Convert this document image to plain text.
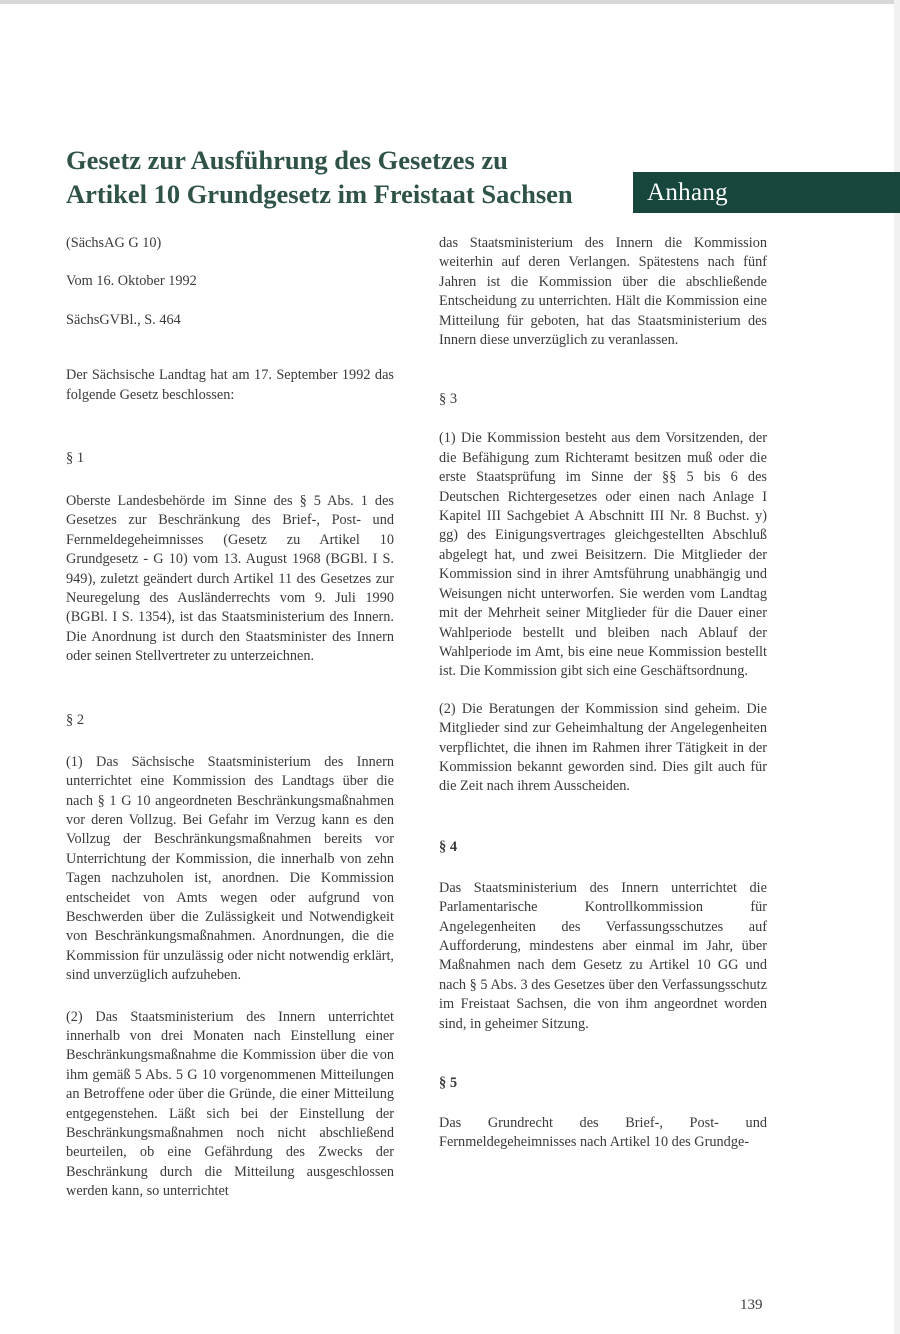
Gesetz zur Ausführung des Gesetzes zu
Artikel 10 Grundgesetz im Freistaat Sachsen	Anhang

(SächsAG G 10)

Vom 16. Oktober 1992

SächsGVBl., S. 464

Der Sächsische Landtag hat am 17. September 1992 das folgende Gesetz beschlossen:

§ 1

Oberste Landesbehörde im Sinne des § 5 Abs. 1 des Gesetzes zur Beschränkung des Brief-, Post- und Fernmeldegeheimnisses (Gesetz zu Artikel 10 Grundgesetz - G 10) vom 13. August 1968 (BGBl. I S. 949), zuletzt geändert durch Artikel 11 des Gesetzes zur Neuregelung des Ausländerrechts vom 9. Juli 1990 (BGBl. I S. 1354), ist das Staatsministerium des Innern. Die Anordnung ist durch den Staatsminister des Innern oder seinen Stellvertreter zu unterzeichnen.

§ 2

(1) Das Sächsische Staatsministerium des Innern unterrichtet eine Kommission des Landtags über die nach § 1 G 10 angeordneten Beschränkungsmaßnahmen vor deren Vollzug. Bei Gefahr im Verzug kann es den Vollzug der Beschränkungsmaßnahmen bereits vor Unterrichtung der Kommission, die innerhalb von zehn Tagen nachzuholen ist, anordnen. Die Kommission entscheidet von Amts wegen oder aufgrund von Beschwerden über die Zulässigkeit und Notwendigkeit von Beschränkungsmaßnahmen. Anordnungen, die die Kommission für unzulässig oder nicht notwendig erklärt, sind unverzüglich aufzuheben.

(2) Das Staatsministerium des Innern unterrichtet innerhalb von drei Monaten nach Einstellung einer Beschränkungsmaßnahme die Kommission über die von ihm gemäß 5 Abs. 5 G 10 vorgenommenen Mitteilungen an Betroffene oder über die Gründe, die einer Mitteilung entgegenstehen. Läßt sich bei der Einstellung der Beschränkungsmaßnahmen noch nicht abschließend beurteilen, ob eine Gefährdung des Zwecks der Beschränkung durch die Mitteilung ausgeschlossen werden kann, so unterrichtet

das Staatsministerium des Innern die Kommission weiterhin auf deren Verlangen. Spätestens nach fünf Jahren ist die Kommission über die abschließende Entscheidung zu unterrichten. Hält die Kommission eine Mitteilung für geboten, hat das Staatsministerium des Innern diese unverzüglich zu veranlassen.

§ 3

(1) Die Kommission besteht aus dem Vorsitzenden, der die Befähigung zum Richteramt besitzen muß oder die erste Staatsprüfung im Sinne der §§ 5 bis 6 des Deutschen Richtergesetzes oder einen nach Anlage I Kapitel III Sachgebiet A Abschnitt III Nr. 8 Buchst. y) gg) des Einigungsvertrages gleichgestellten Abschluß abgelegt hat, und zwei Beisitzern. Die Mitglieder der Kommission sind in ihrer Amtsführung unabhängig und Weisungen nicht unterworfen. Sie werden vom Landtag mit der Mehrheit seiner Mitglieder für die Dauer einer Wahlperiode bestellt und bleiben nach Ablauf der Wahlperiode im Amt, bis eine neue Kommission bestellt ist. Die Kommission gibt sich eine Geschäftsordnung.

(2) Die Beratungen der Kommission sind geheim. Die Mitglieder sind zur Geheimhaltung der Angelegenheiten verpflichtet, die ihnen im Rahmen ihrer Tätigkeit in der Kommission bekannt geworden sind. Dies gilt auch für die Zeit nach ihrem Ausscheiden.

§ 4

Das Staatsministerium des Innern unterrichtet die Parlamentarische Kontrollkommission für Angelegenheiten des Verfassungsschutzes auf Aufforderung, mindestens aber einmal im Jahr, über Maßnahmen nach dem Gesetz zu Artikel 10 GG und nach § 5 Abs. 3 des Gesetzes über den Verfassungsschutz im Freistaat Sachsen, die von ihm angeordnet worden sind, in geheimer Sitzung.

§ 5

Das Grundrecht des Brief-, Post- und Fernmeldegeheimnisses nach Artikel 10 des Grundge-

139
